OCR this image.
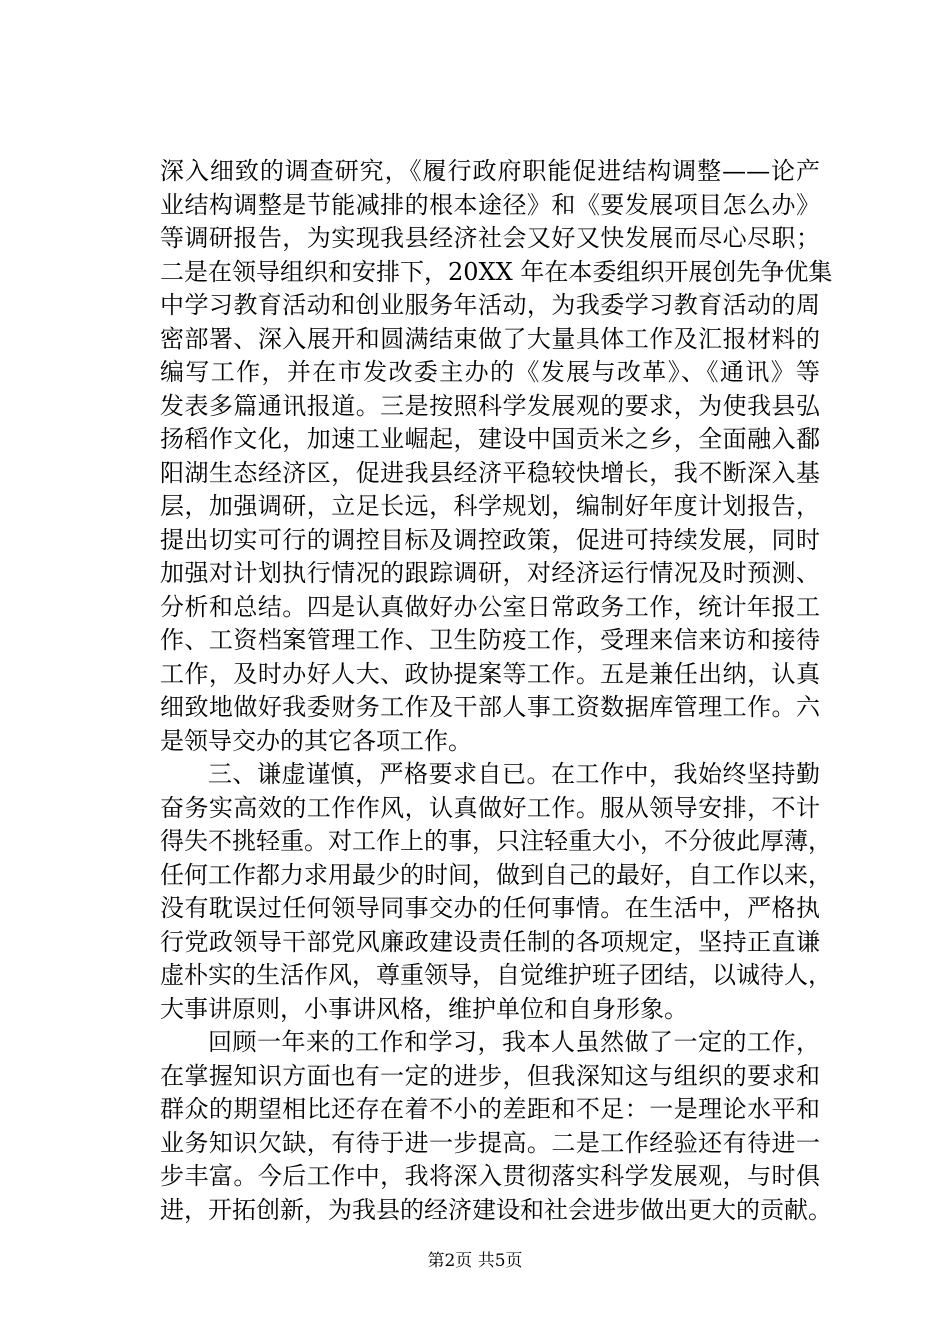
深入细致的调查研究，《履行政府职能促进结构调整——论产
业结构调整是节能减排的根本途径》和《要发展项目怎么办》
等调研报告，为实现我县经济社会又好又快发展而尽心尽职；
二是在领导组织和安排下，20XX 年在本委组织开展创先争优集
中学习教育活动和创业服务年活动，为我委学习教育活动的周
密部署、深入展开和圆满结束做了大量具体工作及汇报材料的
编写工作，并在市发改委主办的《发展与改革》、《通讯》等
发表多篇通讯报道。三是按照科学发展观的要求，为使我县弘
扬稻作文化，加速工业崛起，建设中国贡米之乡，全面融入鄱
阳湖生态经济区，促进我县经济平稳较快增长，我不断深入基
层，加强调研，立足长远，科学规划，编制好年度计划报告，
提出切实可行的调控目标及调控政策，促进可持续发展，同时
加强对计划执行情况的跟踪调研，对经济运行情况及时预测、
分析和总结。四是认真做好办公室日常政务工作，统计年报工
作、工资档案管理工作、卫生防疫工作，受理来信来访和接待
工作，及时办好人大、政协提案等工作。五是兼任出纳，认真
细致地做好我委财务工作及干部人事工资数据库管理工作。六
是领导交办的其它各项工作。
三、谦虚谨慎，严格要求自已。在工作中，我始终坚持勤
奋务实高效的工作作风，认真做好工作。服从领导安排，不计
得失不挑轻重。对工作上的事，只注轻重大小，不分彼此厚薄，
任何工作都力求用最少的时间，做到自己的最好，自工作以来，
没有耽误过任何领导同事交办的任何事情。在生活中，严格执
行党政领导干部党风廉政建设责任制的各项规定，坚持正直谦
虚朴实的生活作风，尊重领导，自觉维护班子团结，以诚待人，
大事讲原则，小事讲风格，维护单位和自身形象。
回顾一年来的工作和学习，我本人虽然做了一定的工作，
在掌握知识方面也有一定的进步，但我深知这与组织的要求和
群众的期望相比还存在着不小的差距和不足：一是理论水平和
业务知识欠缺，有待于进一步提高。二是工作经验还有待进一
步丰富。今后工作中，我将深入贯彻落实科学发展观，与时俱
进，开拓创新，为我县的经济建设和社会进步做出更大的贡献。
第2页 共5页
